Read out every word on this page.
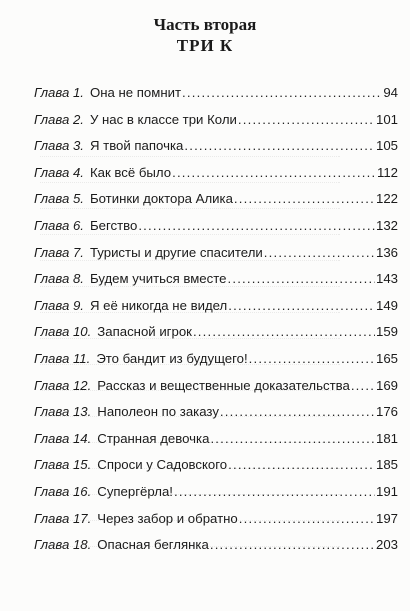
Часть вторая
ТРИ К
Глава 1. Она не помнит .....	94
Глава 2. У нас в классе три Коли .....	101
Глава 3. Я твой папочка .....	105
Глава 4. Как всё было .....	112
Глава 5. Ботинки доктора Алика .....	122
Глава 6. Бегство .....	132
Глава 7. Туристы и другие спасители .....	136
Глава 8. Будем учиться вместе .....	143
Глава 9. Я её никогда не видел .....	149
Глава 10. Запасной игрок .....	159
Глава 11. Это бандит из будущего! .....	165
Глава 12. Рассказ и вещественные доказательства ..... 169
Глава 13. Наполеон по заказу .....	176
Глава 14. Странная девочка .....	181
Глава 15. Спроси у Садовского .....	185
Глава 16. Супергёрла! .....	191
Глава 17. Через забор и обратно .....	197
Глава 18. Опасная беглянка .....	203
